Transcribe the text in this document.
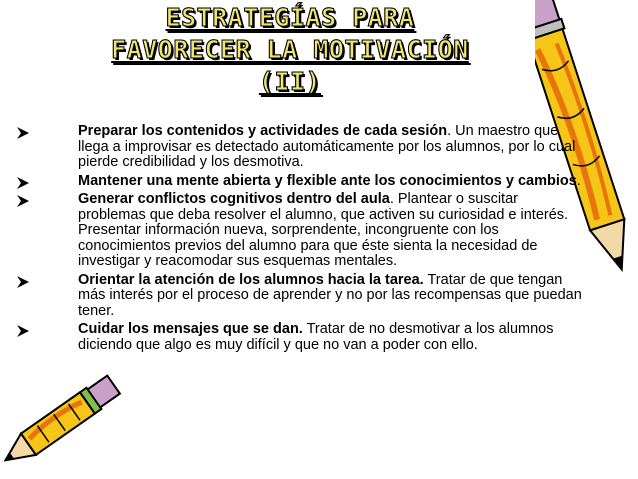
ESTRATEGÍAS PARA
FAVORECER LA MOTIVACIÓN
(II)
Preparar los contenidos y actividades de cada sesión. Un maestro que llega a improvisar es detectado automáticamente por los alumnos, por lo cual pierde credibilidad y los desmotiva.
Mantener una mente abierta y flexible ante los conocimientos y cambios.
Generar conflictos cognitivos dentro del aula. Plantear o suscitar problemas que deba resolver el alumno, que activen su curiosidad e interés. Presentar información nueva, sorprendente, incongruente con los conocimientos previos del alumno para que éste sienta la necesidad de investigar y reacomodar sus esquemas mentales.
Orientar la atención de los alumnos hacia la tarea. Tratar de que tengan más interés por el proceso de aprender y no por las recompensas que puedan tener.
Cuidar los mensajes que se dan. Tratar de no desmotivar a los alumnos diciendo que algo es muy difícil y que no van a poder con ello.
